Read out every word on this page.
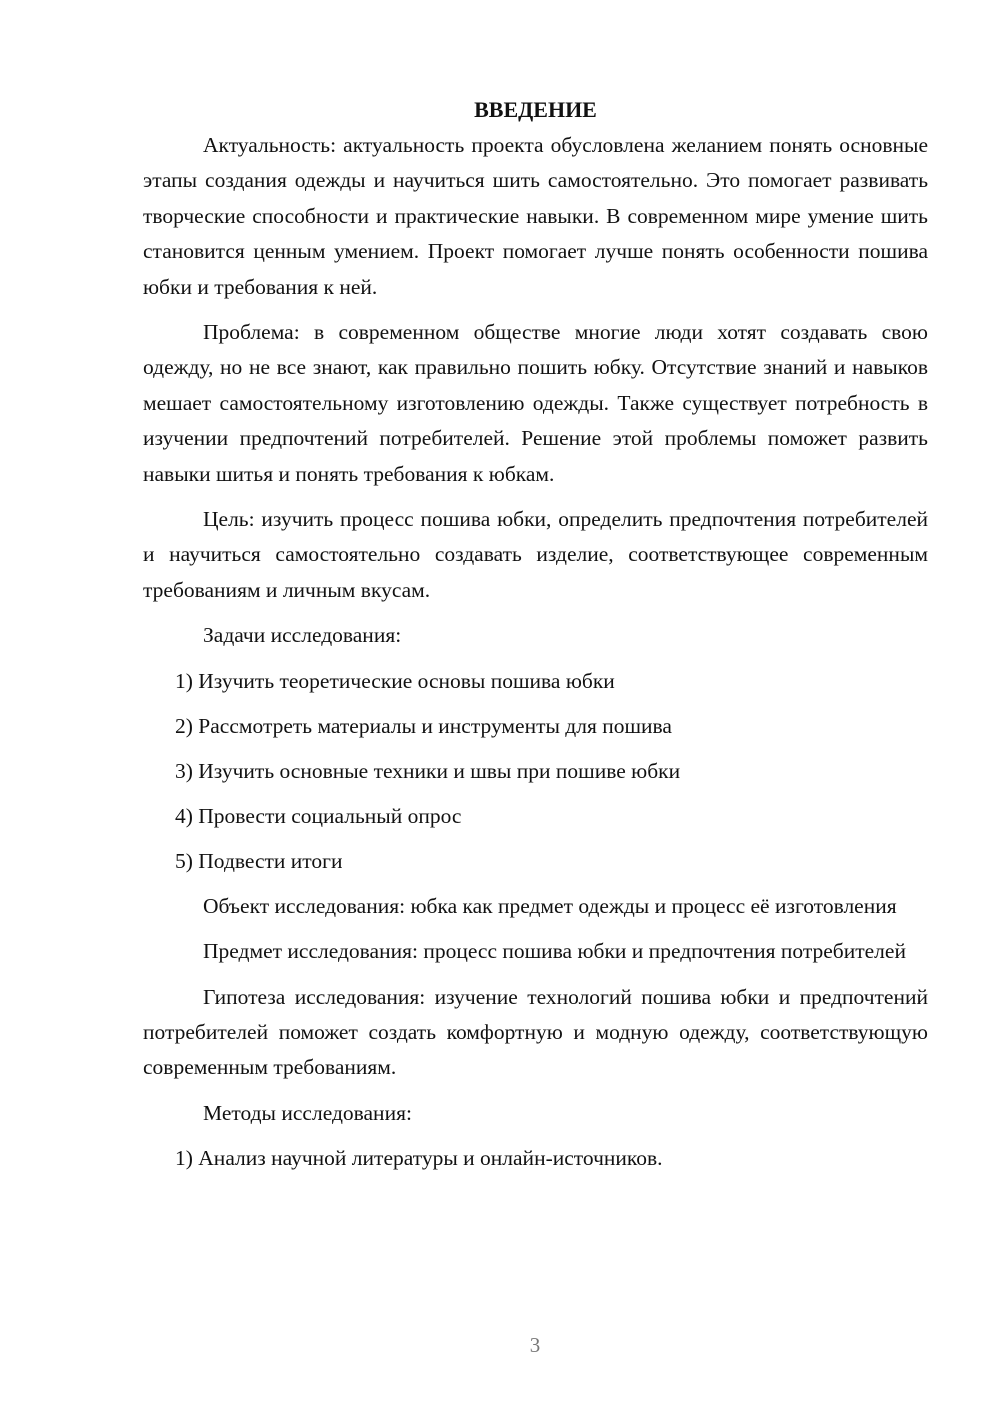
ВВЕДЕНИЕ

Актуальность: актуальность проекта обусловлена желанием понять основные этапы создания одежды и научиться шить самостоятельно. Это помогает развивать творческие способности и практические навыки. В современном мире умение шить становится ценным умением. Проект помогает лучше понять особенности пошива юбки и требования к ней.

Проблема: в современном обществе многие люди хотят создавать свою одежду, но не все знают, как правильно пошить юбку. Отсутствие знаний и навыков мешает самостоятельному изготовлению одежды. Также существует потребность в изучении предпочтений потребителей. Решение этой проблемы поможет развить навыки шитья и понять требования к юбкам.

Цель: изучить процесс пошива юбки, определить предпочтения потребителей и научиться самостоятельно создавать изделие, соответствующее современным требованиям и личным вкусам.

Задачи исследования:

1) Изучить теоретические основы пошива юбки
2) Рассмотреть материалы и инструменты для пошива
3) Изучить основные техники и швы при пошиве юбки
4) Провести социальный опрос
5) Подвести итоги

Объект исследования: юбка как предмет одежды и процесс её изготовления

Предмет исследования: процесс пошива юбки и предпочтения потребителей

Гипотеза исследования: изучение технологий пошива юбки и предпочтений потребителей поможет создать комфортную и модную одежду, соответствующую современным требованиям.

Методы исследования:

1) Анализ научной литературы и онлайн-источников.
3
